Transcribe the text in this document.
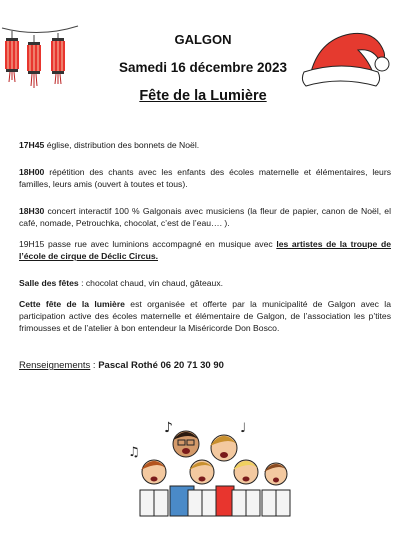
GALGON
Samedi 16 décembre 2023
Fête de la Lumière

17H45 église, distribution des bonnets de Noël.

18H00 répétition des chants avec les enfants des écoles maternelle et élémentaires, leurs familles, leurs amis (ouvert à toutes et tous).

18H30 concert interactif 100 % Galgonais avec musiciens (la fleur de papier, canon de Noël, el café, nomade, Petrouchka, chocolat, c’est de l’eau…. ).

19H15 passe rue avec luminions accompagné en musique avec les artistes de la troupe de l’école de cirque de Déclic Circus.

Salle des fêtes : chocolat chaud, vin chaud, gâteaux.

Cette fête de la lumière est organisée et offerte par la municipalité de Galgon avec la participation active des écoles maternelle et élémentaire de Galgon, de l’association les p’tites frimousses et de l’atelier à bon entendeur la Miséricorde Don Bosco.

Renseignements : Pascal Rothé 06 20 71 30 90

♪
♫
♩
